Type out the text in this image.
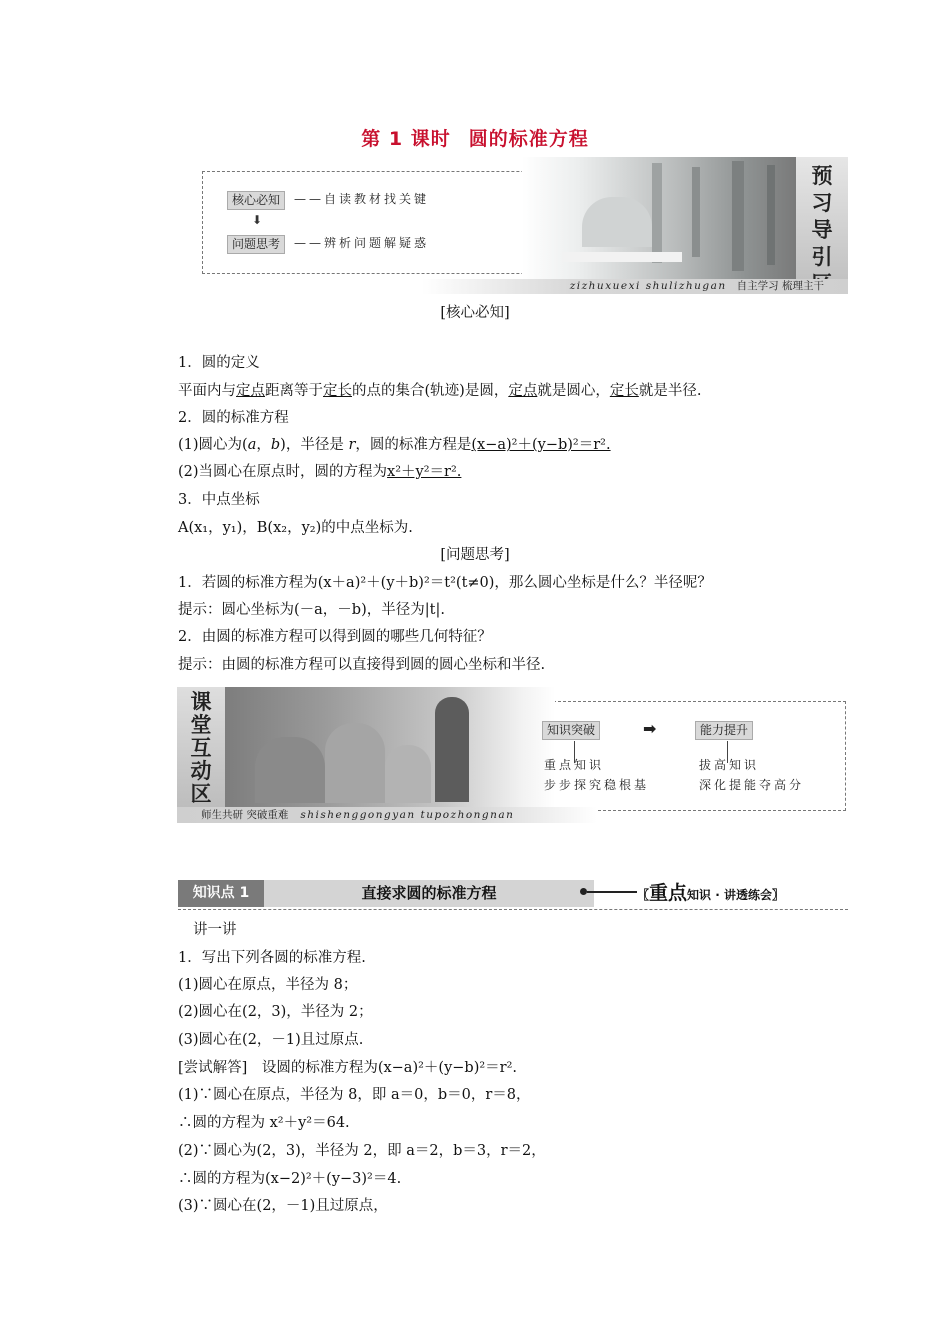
第 1 课时 圆的标准方程
预
习
导
引
zizhuxuexi shulizhugan 自主学习 梳理主干
核心必知	——自读教材找关键
⬇
问题思考	——辨析问题解疑惑
[核心必知]
1．圆的定义
平面内与定点距离等于定长的点的集合(轨迹)是圆，定点就是圆心，定长就是半径.
2．圆的标准方程
(1)圆心为(a，b)，半径是 r，圆的标准方程是(x−a)²＋(y−b)²＝r².
(2)当圆心在原点时，圆的方程为x²＋y²＝r².
3．中点坐标
A(x₁，y₁)，B(x₂，y₂)的中点坐标为.
[问题思考]
1．若圆的标准方程为(x＋a)²＋(y＋b)²＝t²(t≠0)，那么圆心坐标是什么？半径呢？
提示：圆心坐标为(－a，－b)，半径为|t|.
2．由圆的标准方程可以得到圆的哪些几何特征？
提示：由圆的标准方程可以直接得到圆的圆心坐标和半径.
课
堂
互
动
区
师生共研 突破重难 shishenggongyan tupozhongnan
知识突破	➡	能力提升
重点知识
步步探究稳根基
拔高知识
深化提能夺高分
知识点 1	直接求圆的标准方程	〖重点知识 · 讲透练会〗
讲一讲
1．写出下列各圆的标准方程.
(1)圆心在原点，半径为 8；
(2)圆心在(2，3)，半径为 2；
(3)圆心在(2，－1)且过原点.
[尝试解答]　设圆的标准方程为(x−a)²＋(y−b)²＝r².
(1)∵圆心在原点，半径为 8，即 a＝0，b＝0，r＝8，
∴圆的方程为 x²＋y²＝64.
(2)∵圆心为(2，3)，半径为 2，即 a＝2，b＝3，r＝2，
∴圆的方程为(x−2)²＋(y−3)²＝4.
(3)∵圆心在(2，－1)且过原点，
